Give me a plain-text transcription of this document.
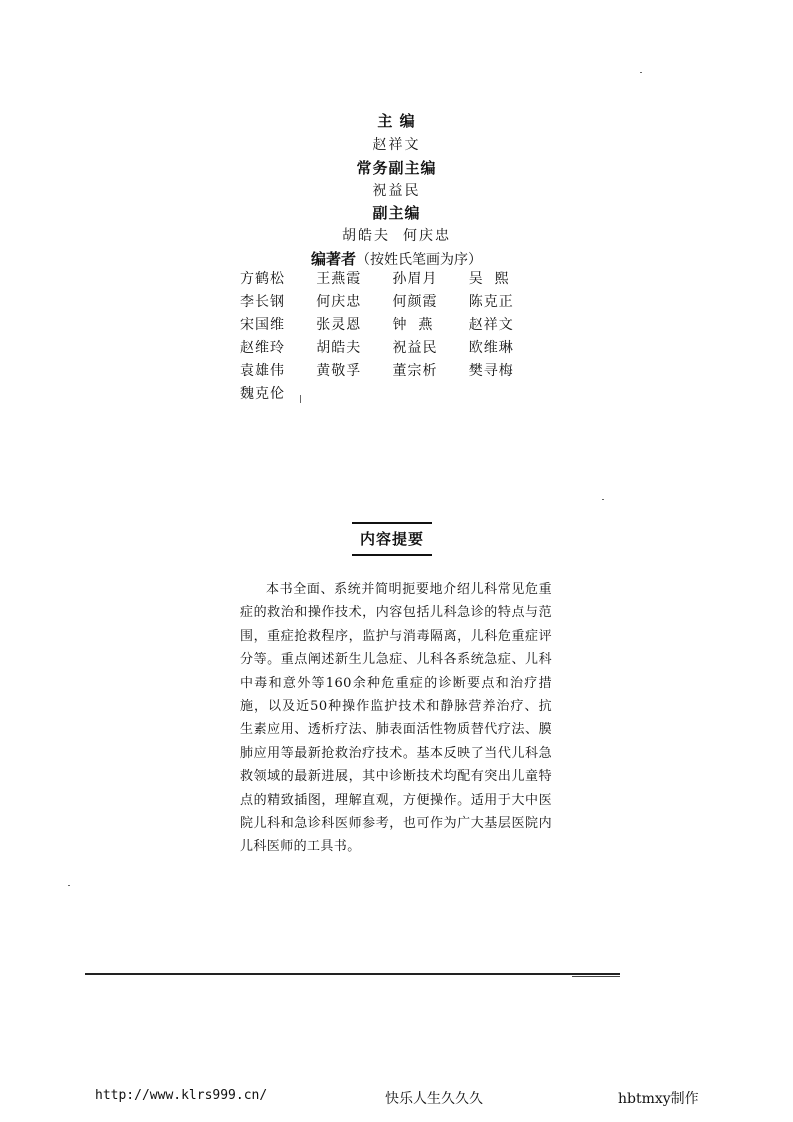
主 编
赵祥文
常务副主编
祝益民
副主编
胡皓夫  何庆忠
编著者（按姓氏笔画为序）
方鹤松	王燕霞	孙眉月	吴  熙
李长钢	何庆忠	何颜霞	陈克正
宋国维	张灵恩	钟  燕	赵祥文
赵维玲	胡皓夫	祝益民	欧维琳
袁雄伟	黄敬孚	董宗析	樊寻梅
魏克伦
内容提要
本书全面、系统并简明扼要地介绍儿科常见危重症的救治和操作技术，内容包括儿科急诊的特点与范围，重症抢救程序，监护与消毒隔离，儿科危重症评分等。重点阐述新生儿急症、儿科各系统急症、儿科中毒和意外等160余种危重症的诊断要点和治疗措施，以及近50种操作监护技术和静脉营养治疗、抗生素应用、透析疗法、肺表面活性物质替代疗法、膜肺应用等最新抢救治疗技术。基本反映了当代儿科急救领域的最新进展，其中诊断技术均配有突出儿童特点的精致插图，理解直观，方便操作。适用于大中医院儿科和急诊科医师参考，也可作为广大基层医院内儿科医师的工具书。
http://www.klrs999.cn/	快乐人生久久久	hbtmxy制作
